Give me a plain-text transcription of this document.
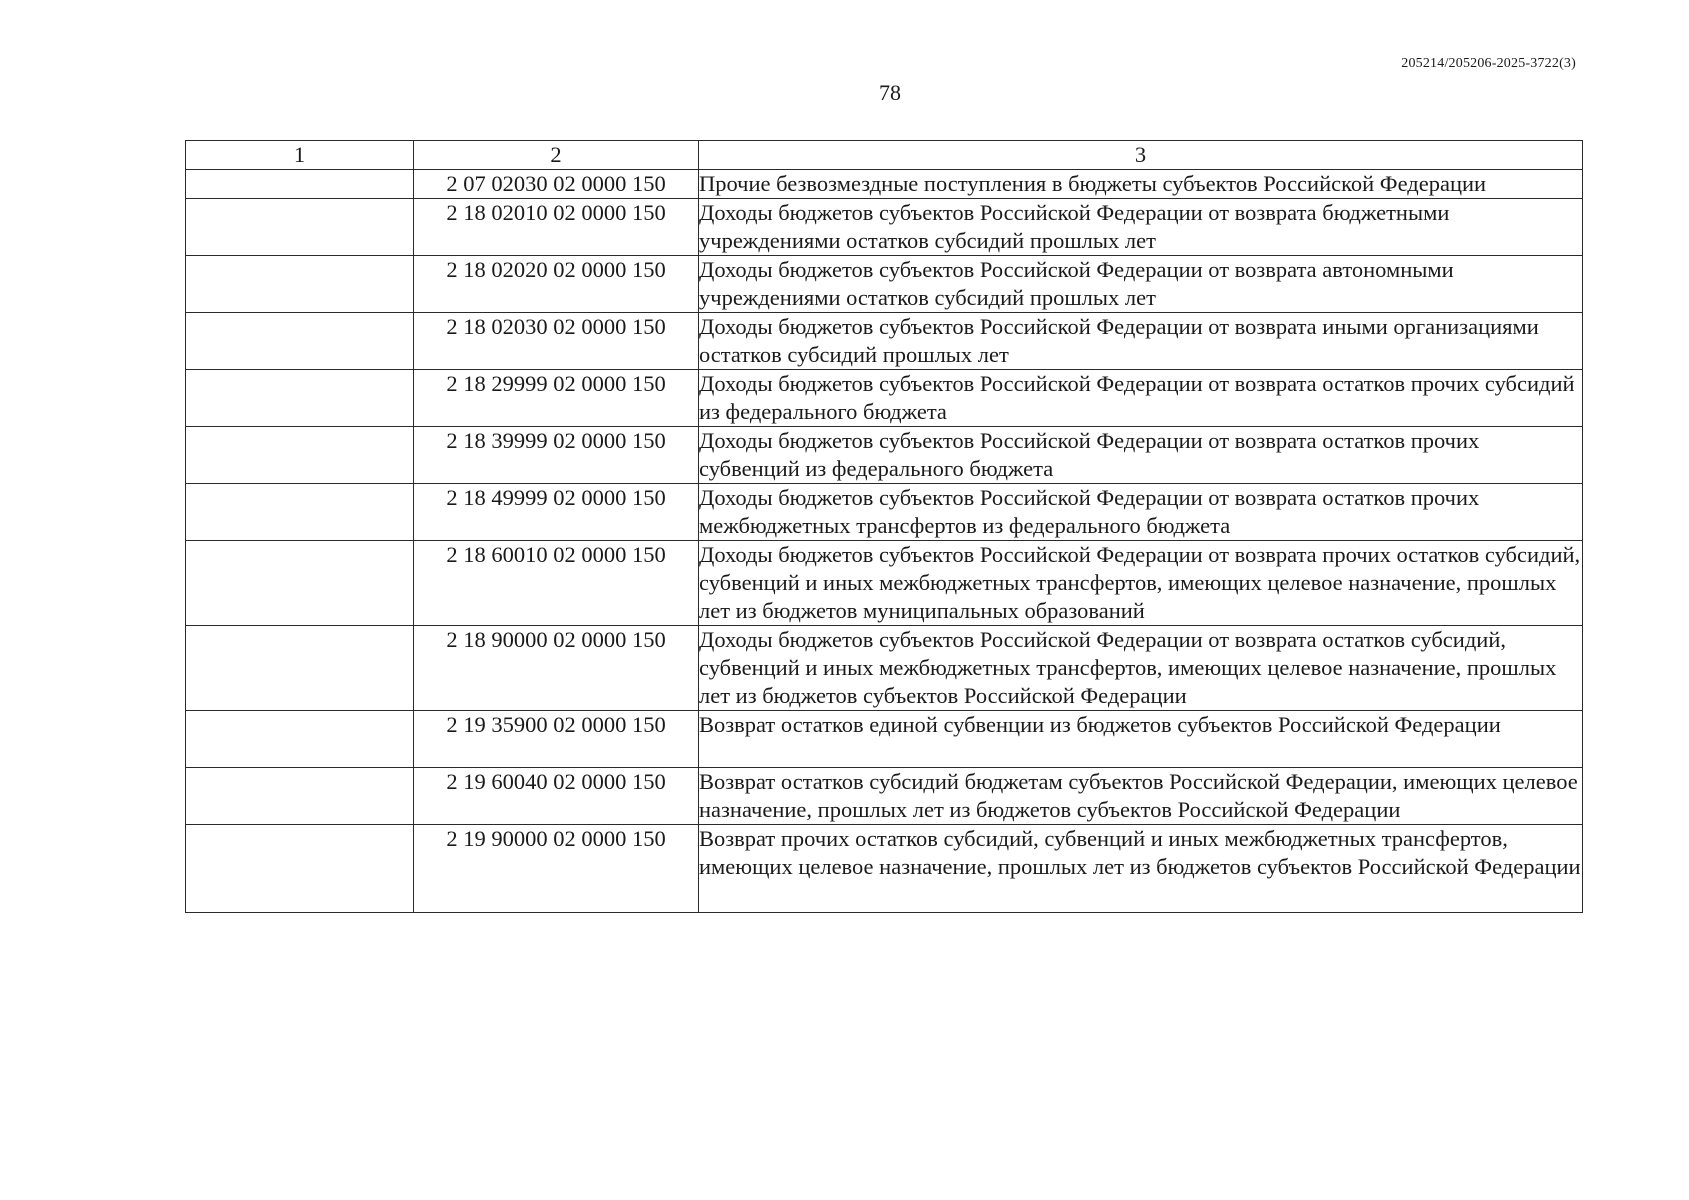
205214/205206-2025-3722(3)
78
1	2	3
	2 07 02030 02 0000 150	Прочие безвозмездные поступления в бюджеты субъектов Российской Федерации
	2 18 02010 02 0000 150	Доходы бюджетов субъектов Российской Федерации от возврата бюджетными учреждениями остатков субсидий прошлых лет
	2 18 02020 02 0000 150	Доходы бюджетов субъектов Российской Федерации от возврата автономными учреждениями остатков субсидий прошлых лет
	2 18 02030 02 0000 150	Доходы бюджетов субъектов Российской Федерации от возврата иными организациями остатков субсидий прошлых лет
	2 18 29999 02 0000 150	Доходы бюджетов субъектов Российской Федерации от возврата остатков прочих субсидий из федерального бюджета
	2 18 39999 02 0000 150	Доходы бюджетов субъектов Российской Федерации от возврата остатков прочих субвенций из федерального бюджета
	2 18 49999 02 0000 150	Доходы бюджетов субъектов Российской Федерации от возврата остатков прочих межбюджетных трансфертов из федерального бюджета
	2 18 60010 02 0000 150	Доходы бюджетов субъектов Российской Федерации от возврата прочих остатков субсидий, субвенций и иных межбюджетных трансфертов, имеющих целевое назначение, прошлых лет из бюджетов муниципальных образований
	2 18 90000 02 0000 150	Доходы бюджетов субъектов Российской Федерации от возврата остатков субсидий, субвенций и иных межбюджетных трансфертов, имеющих целевое назначение, прошлых лет из бюджетов субъектов Российской Федерации
	2 19 35900 02 0000 150	Возврат остатков единой субвенции из бюджетов субъектов Российской Федерации
	2 19 60040 02 0000 150	Возврат остатков субсидий бюджетам субъектов Российской Федерации, имеющих целевое назначение, прошлых лет из бюджетов субъектов Российской Федерации
	2 19 90000 02 0000 150	Возврат прочих остатков субсидий, субвенций и иных межбюджетных трансфертов, имеющих целевое назначение, прошлых лет из бюджетов субъектов Российской Федерации
